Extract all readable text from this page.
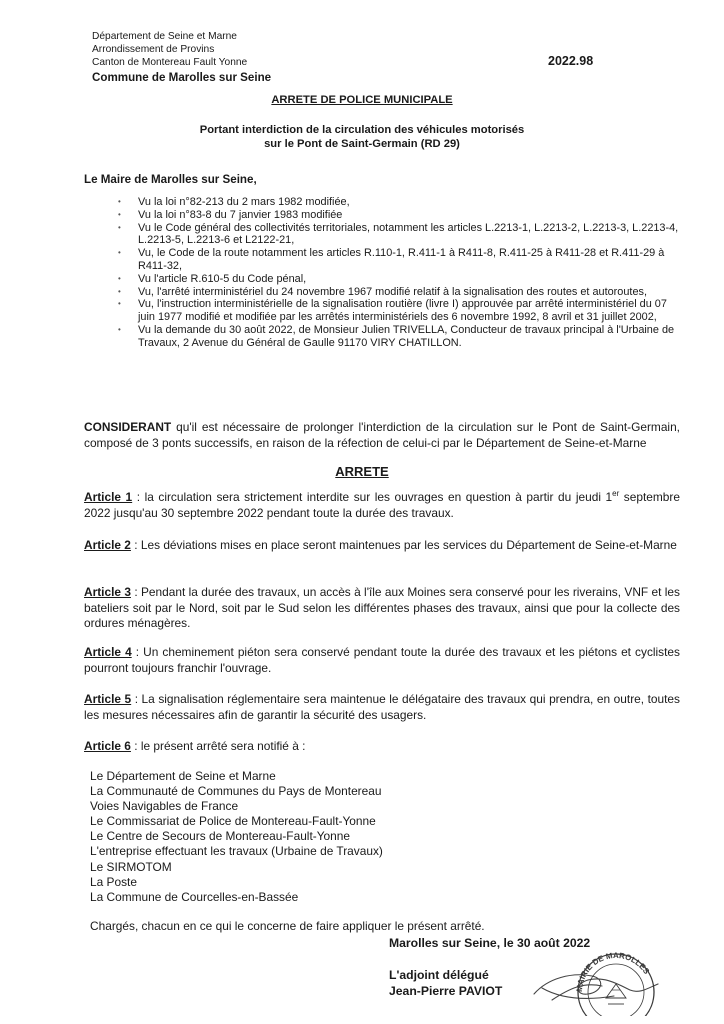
Département de Seine et Marne
Arrondissement de Provins
Canton de Montereau Fault Yonne
Commune de Marolles sur Seine
2022.98
ARRETE DE POLICE MUNICIPALE
Portant interdiction de la circulation des véhicules motorisés
sur le Pont de Saint-Germain (RD 29)
Le Maire de Marolles sur Seine,
• Vu la loi n°82-213 du 2 mars 1982 modifiée,
• Vu la loi n°83-8 du 7 janvier 1983 modifiée
• Vu le Code général des collectivités territoriales, notamment les articles L.2213-1, L.2213-2, L.2213-3, L.2213-4, L.2213-5, L.2213-6 et L2122-21,
• Vu, le Code de la route notamment les articles R.110-1, R.411-1 à R411-8, R.411-25 à R411-28 et R.411-29 à R411-32,
• Vu l'article R.610-5 du Code pénal,
• Vu, l'arrêté interministériel du 24 novembre 1967 modifié relatif à la signalisation des routes et autoroutes,
• Vu, l'instruction interministérielle de la signalisation routière (livre I) approuvée par arrêté interministériel du 07 juin 1977 modifié et modifiée par les arrêtés interministériels des 6 novembre 1992, 8 avril et 31 juillet 2002,
• Vu la demande du 30 août 2022, de Monsieur Julien TRIVELLA, Conducteur de travaux principal à l'Urbaine de Travaux, 2 Avenue du Général de Gaulle 91170 VIRY CHATILLON.
CONSIDERANT qu'il est nécessaire de prolonger l'interdiction de la circulation sur le Pont de Saint-Germain, composé de 3 ponts successifs, en raison de la réfection de celui-ci par le Département de Seine-et-Marne
ARRETE
Article 1 : la circulation sera strictement interdite sur les ouvrages en question à partir du jeudi 1er septembre 2022 jusqu'au 30 septembre 2022 pendant toute la durée des travaux.
Article 2 : Les déviations mises en place seront maintenues par les services du Département de Seine-et-Marne
Article 3 : Pendant la durée des travaux, un accès à l'île aux Moines sera conservé pour les riverains, VNF et les bateliers soit par le Nord, soit par le Sud selon les différentes phases des travaux, ainsi que pour la collecte des ordures ménagères.
Article 4 : Un cheminement piéton sera conservé pendant toute la durée des travaux et les piétons et cyclistes pourront toujours franchir l'ouvrage.
Article 5 : La signalisation réglementaire sera maintenue le délégataire des travaux qui prendra, en outre, toutes les mesures nécessaires afin de garantir la sécurité des usagers.
Article 6 : le présent arrêté sera notifié à :
Le Département de Seine et Marne
La Communauté de Communes du Pays de Montereau
Voies Navigables de France
Le Commissariat de Police de Montereau-Fault-Yonne
Le Centre de Secours de Montereau-Fault-Yonne
L'entreprise effectuant les travaux (Urbaine de Travaux)
Le SIRMOTOM
La Poste
La Commune de Courcelles-en-Bassée
Chargés, chacun en ce qui le concerne de faire appliquer le présent arrêté.
Marolles sur Seine, le 30 août 2022
L'adjoint délégué
Jean-Pierre PAVIOT	MAIRIE DE MAROLLES
